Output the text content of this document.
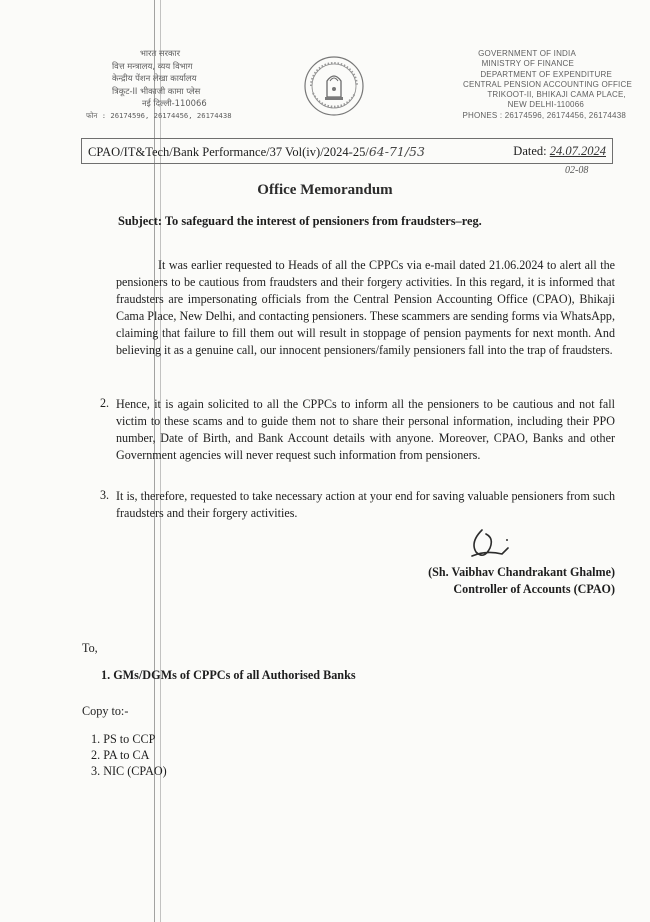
भारत सरकार
वित्त मन्त्रालय, व्यय विभाग
केन्द्रीय पेंशन लेखा कार्यालय
त्रिकूट-II भीकाजी कामा प्लेस
नई दिल्ली-110066
फोन : 26174596, 26174456, 26174438
GOVERNMENT OF INDIA
MINISTRY OF FINANCE
DEPARTMENT OF EXPENDITURE
CENTRAL PENSION ACCOUNTING OFFICE
TRIKOOT-II, BHIKAJI CAMA PLACE,
NEW DELHI-110066
PHONES : 26174596, 26174456, 26174438
CPAO/IT&Tech/Bank Performance/37 Vol(iv)/2024-25/64-71/53	Dated: 24.07.2024
02-08
Office Memorandum
Subject: To safeguard the interest of pensioners from fraudsters–reg.
It was earlier requested to Heads of all the CPPCs via e-mail dated 21.06.2024 to alert all the pensioners to be cautious from fraudsters and their forgery activities. In this regard, it is informed that fraudsters are impersonating officials from the Central Pension Accounting Office (CPAO), Bhikaji Cama Place, New Delhi, and contacting pensioners. These scammers are sending forms via WhatsApp, claiming that failure to fill them out will result in stoppage of pension payments for next month. And believing it as a genuine call, our innocent pensioners/family pensioners fall into the trap of fraudsters.
2. Hence, it is again solicited to all the CPPCs to inform all the pensioners to be cautious and not fall victim to these scams and to guide them not to share their personal information, including their PPO number, Date of Birth, and Bank Account details with anyone. Moreover, CPAO, Banks and other Government agencies will never request such information from pensioners.
3. It is, therefore, requested to take necessary action at your end for saving valuable pensioners from such fraudsters and their forgery activities.
(Sh. Vaibhav Chandrakant Ghalme)
Controller of Accounts (CPAO)
To,
1. GMs/DGMs of CPPCs of all Authorised Banks
Copy to:-
1. PS to CCP
2. PA to CA
3. NIC (CPAO)
